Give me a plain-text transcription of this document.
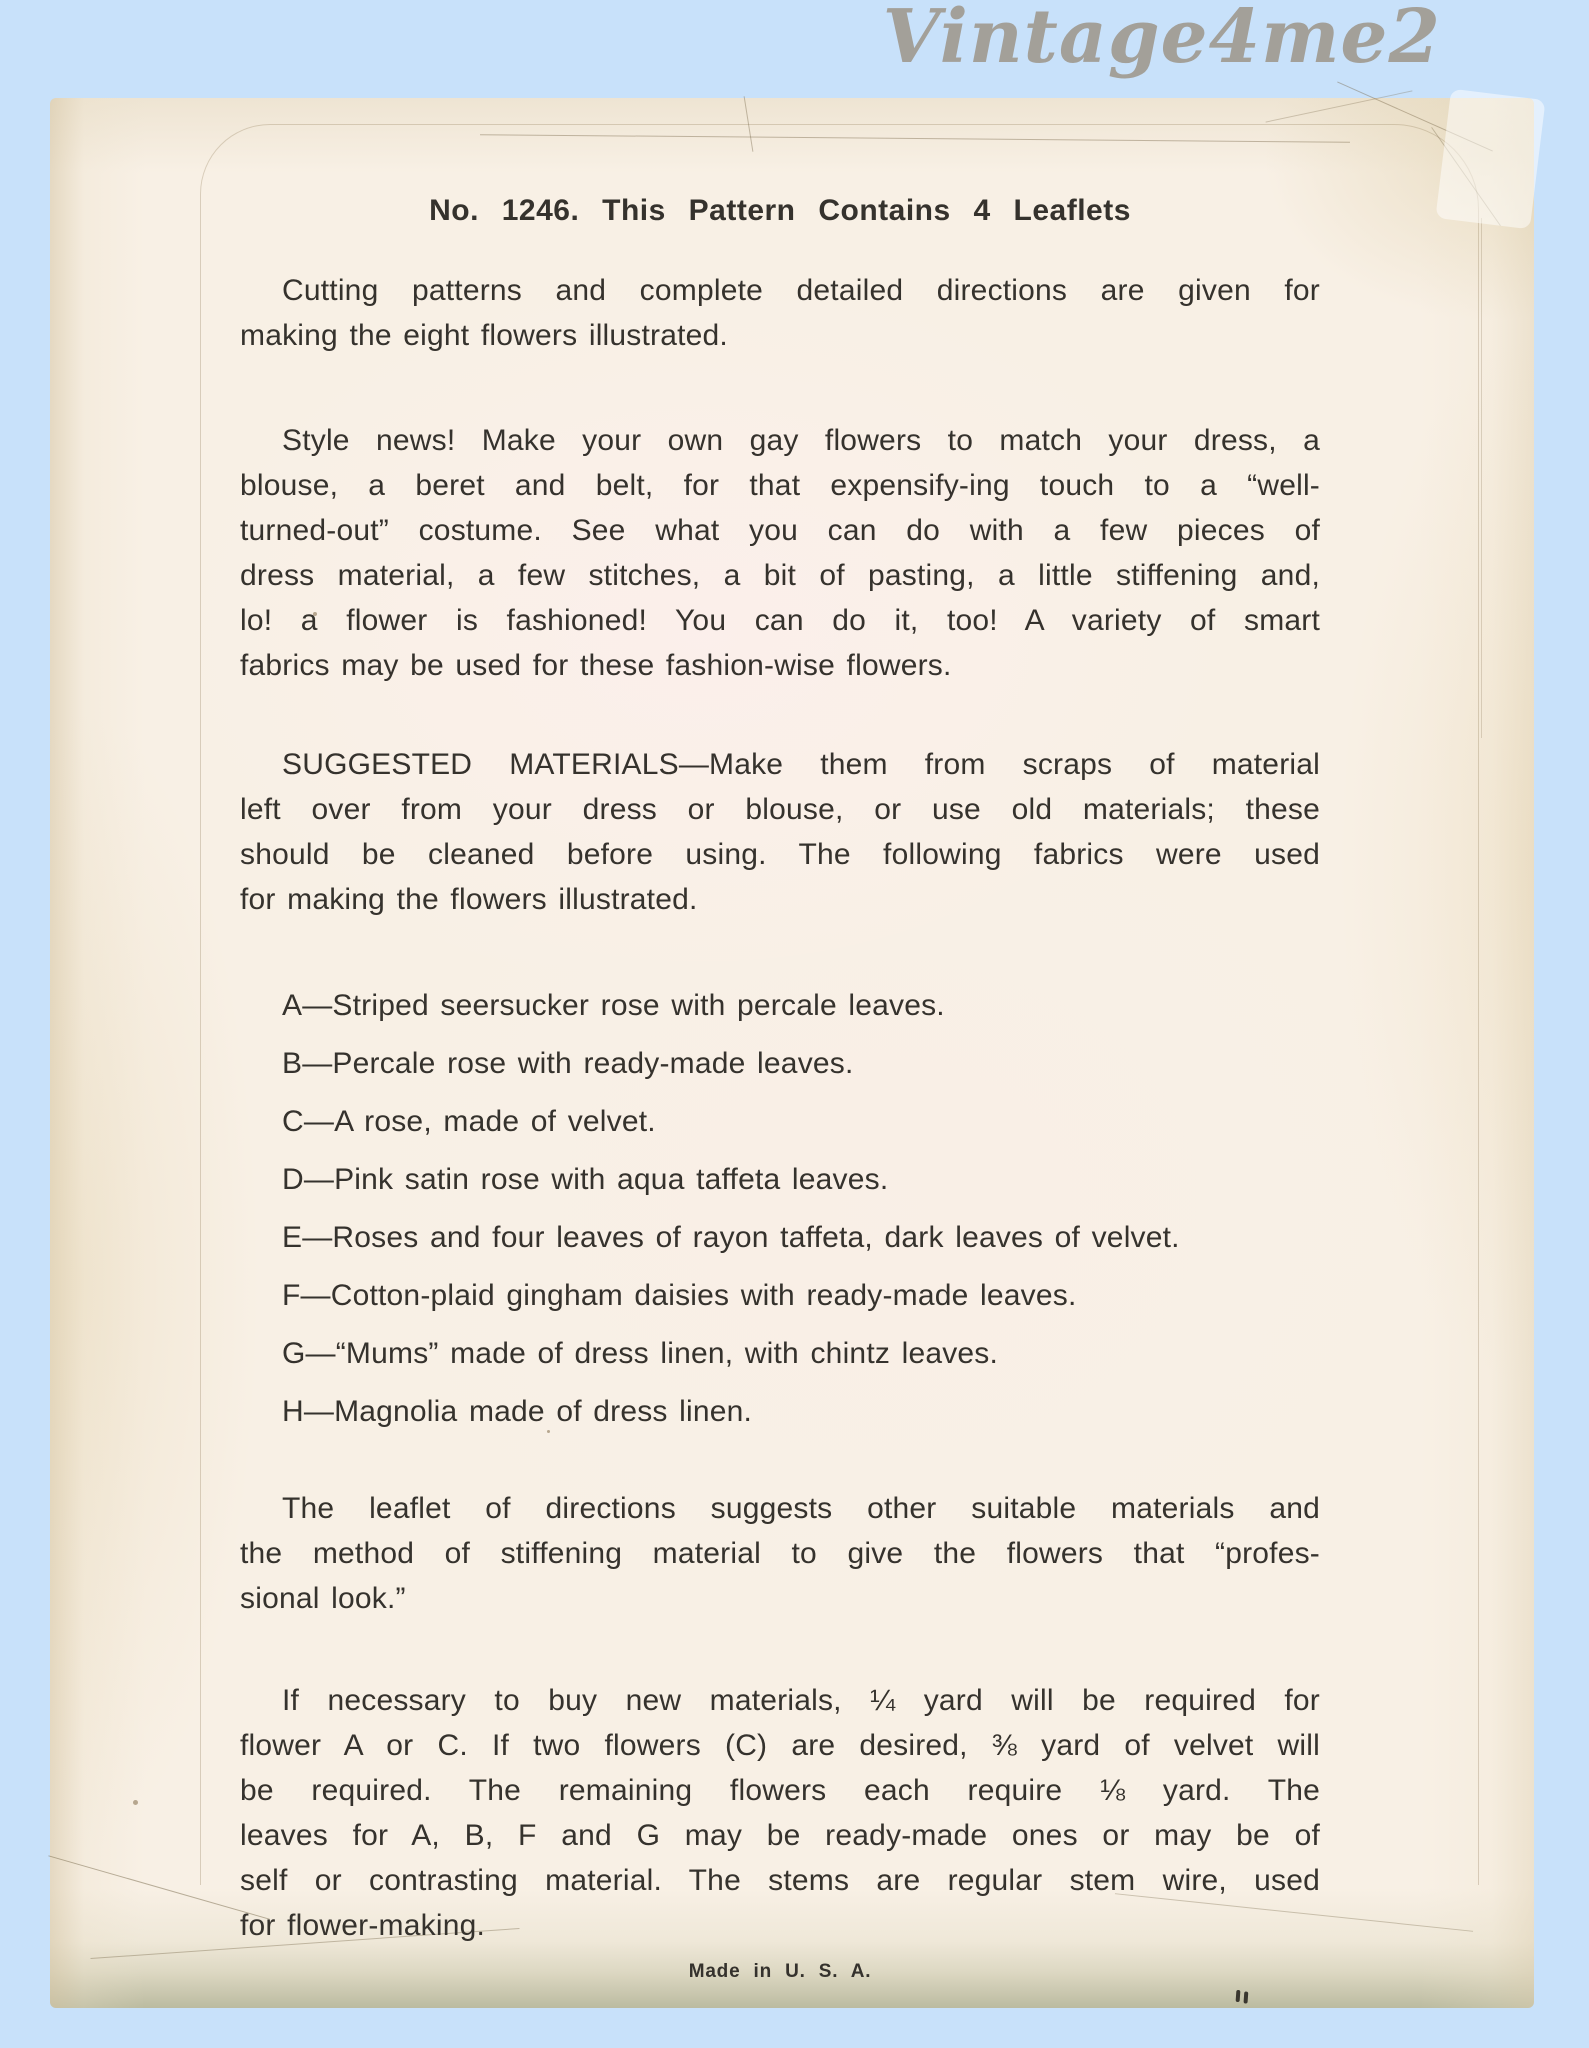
Vintage4me2
No. 1246. This Pattern Contains 4 Leaflets
Cutting patterns and complete detailed directions are given for
making the eight flowers illustrated.
Style news! Make your own gay flowers to match your dress, a
blouse, a beret and belt, for that expensify-ing touch to a “well-
turned-out” costume. See what you can do with a few pieces of
dress material, a few stitches, a bit of pasting, a little stiffening and,
lo! a flower is fashioned! You can do it, too! A variety of smart
fabrics may be used for these fashion-wise flowers.
SUGGESTED MATERIALS—Make them from scraps of material
left over from your dress or blouse, or use old materials; these
should be cleaned before using. The following fabrics were used
for making the flowers illustrated.
The leaflet of directions suggests other suitable materials and
the method of stiffening material to give the flowers that “profes-
sional look.”
If necessary to buy new materials, ¼ yard will be required for
flower A or C. If two flowers (C) are desired, ⅜ yard of velvet will
be required. The remaining flowers each require ⅛ yard. The
leaves for A, B, F and G may be ready-made ones or may be of
self or contrasting material. The stems are regular stem wire, used
for flower-making.
A—Striped seersucker rose with percale leaves.
B—Percale rose with ready-made leaves.
C—A rose, made of velvet.
D—Pink satin rose with aqua taffeta leaves.
E—Roses and four leaves of rayon taffeta, dark leaves of velvet.
F—Cotton-plaid gingham daisies with ready-made leaves.
G—“Mums” made of dress linen, with chintz leaves.
H—Magnolia made of dress linen.
Made in U. S. A.
